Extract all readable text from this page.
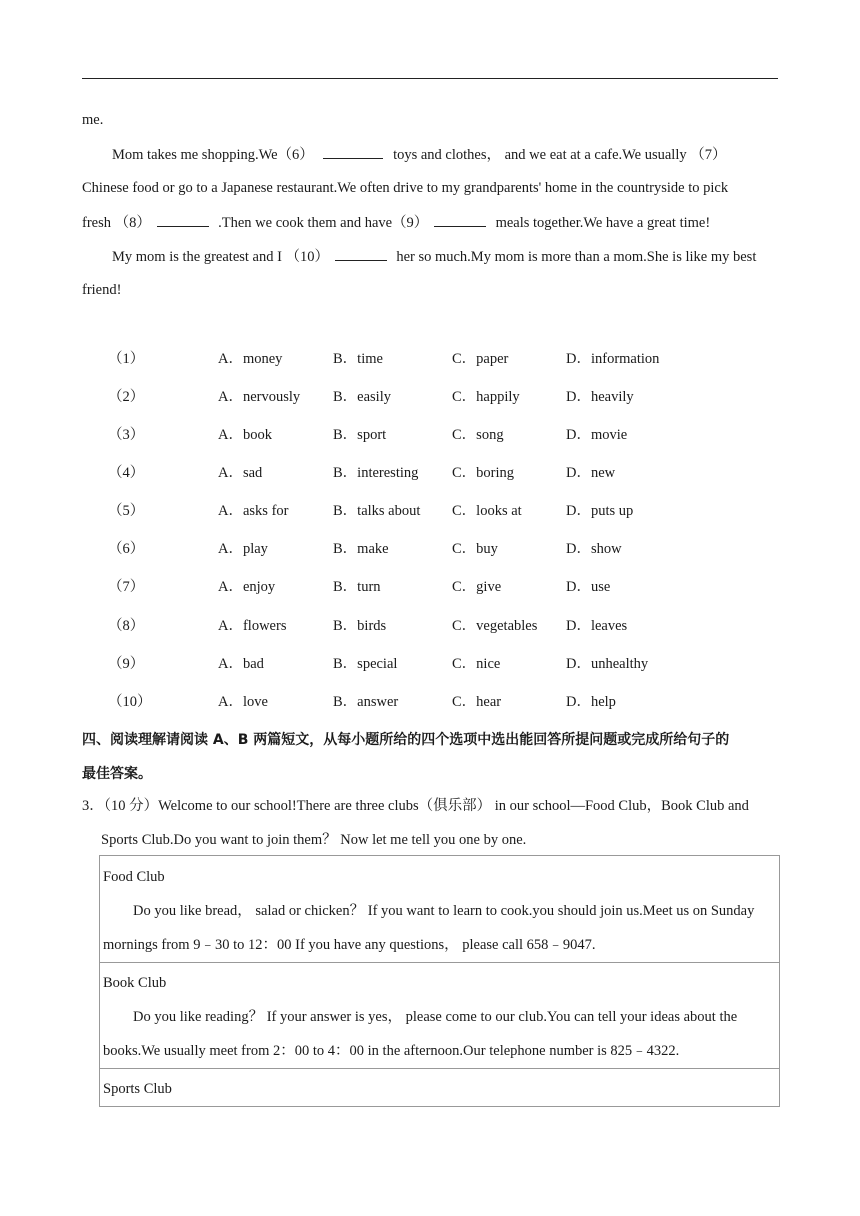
me.
Mom takes me shopping.We（6）	toys and clothes， and we eat at a cafe.We usually （7）
Chinese food or go to a Japanese restaurant.We often drive to my grandparents' home in the countryside to pick
fresh （8）	.Then we cook them and have（9）	meals together.We have a great time!
My mom is the greatest and I （10）	her so much.My mom is more than a mom.She is like my best
friend!
（1）	A．money	B．time	C．paper	D．information
（2）	A．nervously B．easily	C．happily	D．heavily
（3）	A．book	B．sport	C．song	D．movie
（4）	A．sad	B．interesting C．boring	D．new
（5）	A．asks for	B．talks about C．looks at	D．puts up
（6）	A．play	B．make	C．buy	D．show
（7）	A．enjoy	B．turn	C．give	D．use
（8）	A．flowers	B．birds	C．vegetables D．leaves
（9）	A．bad	B．special	C．nice	D．unhealthy
（10）	A．love	B．answer	C．hear	D．help
四、阅读理解请阅读 A、B 两篇短文，从每小题所给的四个选项中选出能回答所提问题或完成所给句子的
最佳答案。
3．（10 分）Welcome to our school!There are three clubs（俱乐部） in our school—Food Club，Book Club and
Sports Club.Do you want to join them？ Now let me tell you one by one.
Food Club
Do you like bread， salad or chicken？ If you want to learn to cook.you should join us.Meet us on Sunday
mornings from 9﹣30 to 12：00 If you have any questions， please call 658﹣9047.
Book Club
Do you like reading？ If your answer is yes， please come to our club.You can tell your ideas about the
books.We usually meet from 2：00 to 4：00 in the afternoon.Our telephone number is 825﹣4322.
Sports Club
